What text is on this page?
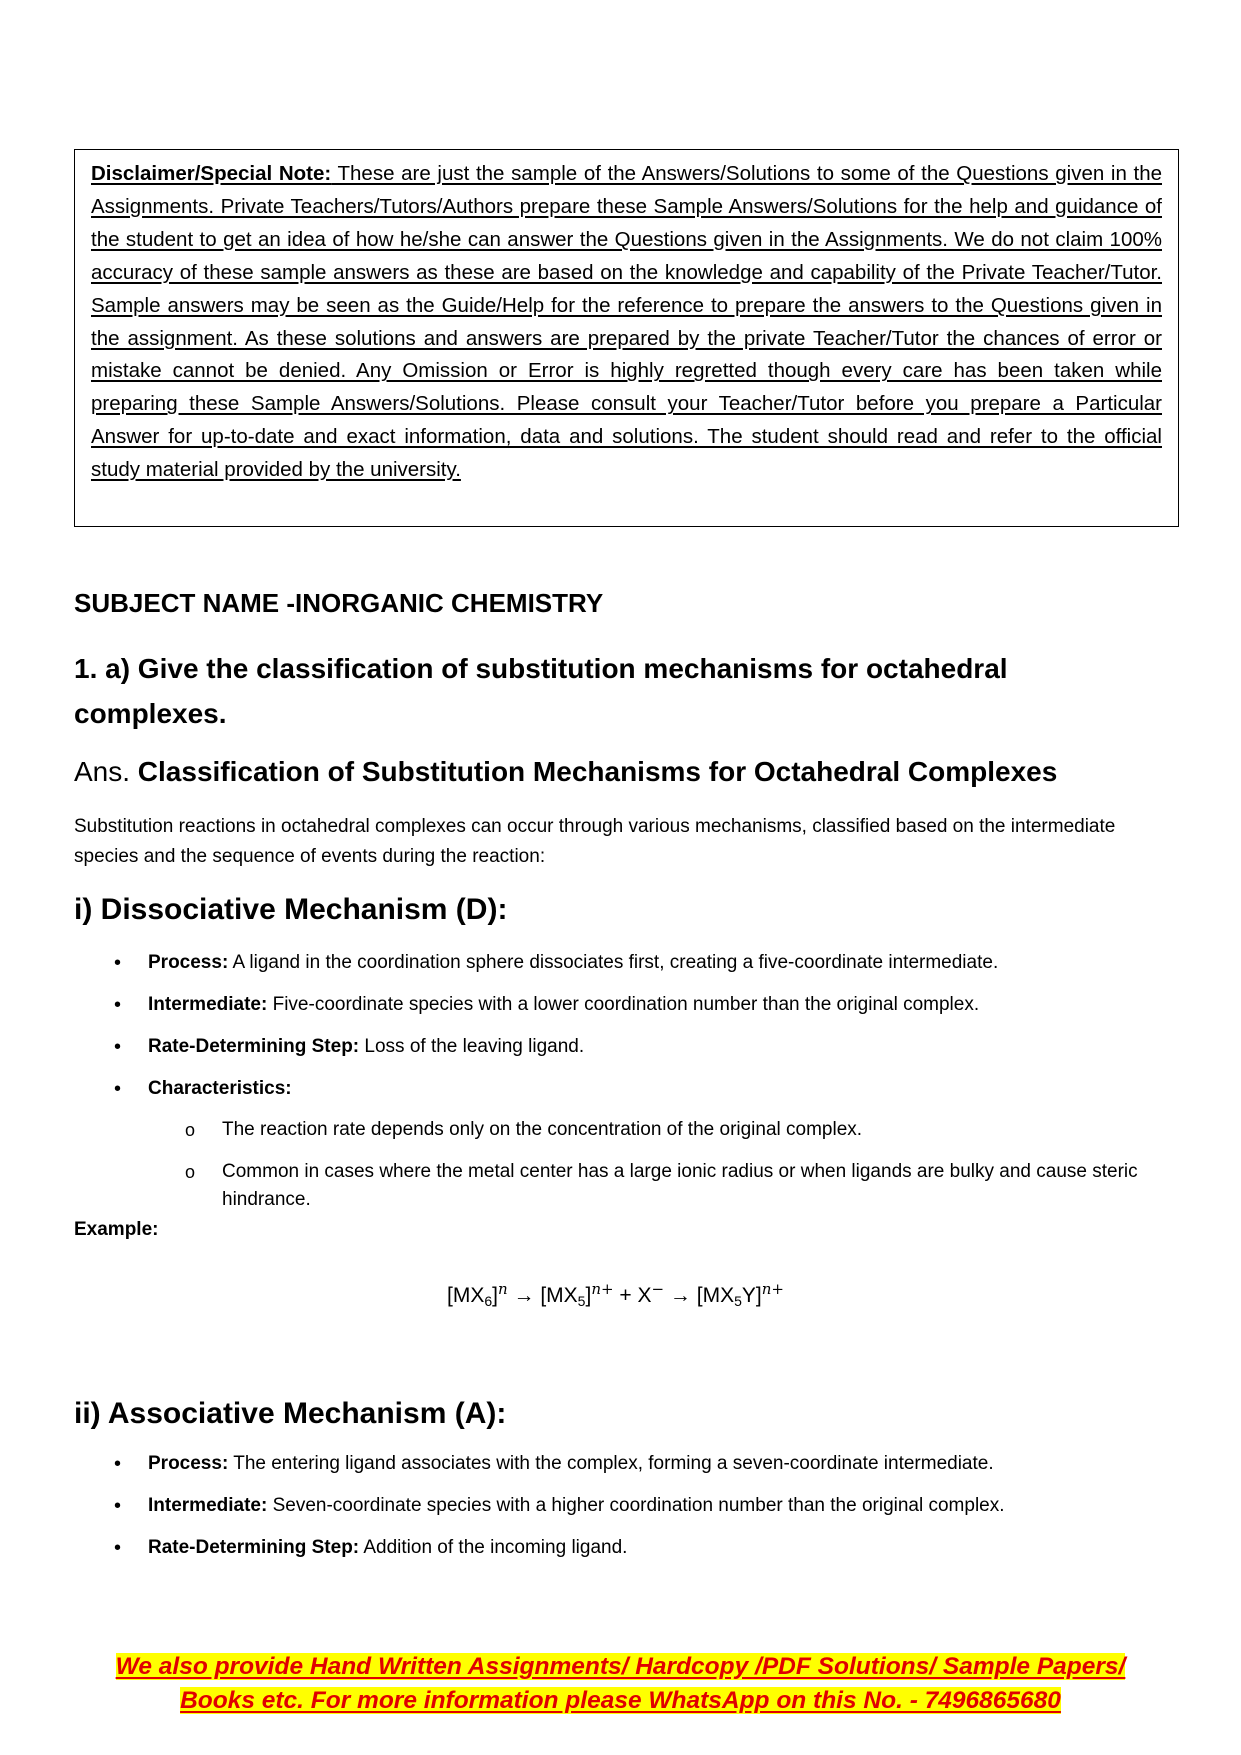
Disclaimer/Special Note: These are just the sample of the Answers/Solutions to some of the Questions given in the Assignments. Private Teachers/Tutors/Authors prepare these Sample Answers/Solutions for the help and guidance of the student to get an idea of how he/she can answer the Questions given in the Assignments. We do not claim 100% accuracy of these sample answers as these are based on the knowledge and capability of the Private Teacher/Tutor. Sample answers may be seen as the Guide/Help for the reference to prepare the answers to the Questions given in the assignment. As these solutions and answers are prepared by the private Teacher/Tutor the chances of error or mistake cannot be denied. Any Omission or Error is highly regretted though every care has been taken while preparing these Sample Answers/Solutions. Please consult your Teacher/Tutor before you prepare a Particular Answer for up-to-date and exact information, data and solutions. The student should read and refer to the official study material provided by the university.

SUBJECT NAME -INORGANIC CHEMISTRY
1. a) Give the classification of substitution mechanisms for octahedral complexes.
Ans. Classification of Substitution Mechanisms for Octahedral Complexes
Substitution reactions in octahedral complexes can occur through various mechanisms, classified based on the intermediate species and the sequence of events during the reaction:
i) Dissociative Mechanism (D):
• Process: A ligand in the coordination sphere dissociates first, creating a five-coordinate intermediate.
• Intermediate: Five-coordinate species with a lower coordination number than the original complex.
• Rate-Determining Step: Loss of the leaving ligand.
• Characteristics:
o The reaction rate depends only on the concentration of the original complex.
o Common in cases where the metal center has a large ionic radius or when ligands are bulky and cause steric hindrance.
Example:
$[MX_6]^n \to [MX_5]^{n+} + X^- \to [MX_5Y]^{n+}$
ii) Associative Mechanism (A):
• Process: The entering ligand associates with the complex, forming a seven-coordinate intermediate.
• Intermediate: Seven-coordinate species with a higher coordination number than the original complex.
• Rate-Determining Step: Addition of the incoming ligand.
We also provide Hand Written Assignments/ Hardcopy /PDF Solutions/ Sample Papers/
Books etc. For more information please WhatsApp on this No. - 7496865680
